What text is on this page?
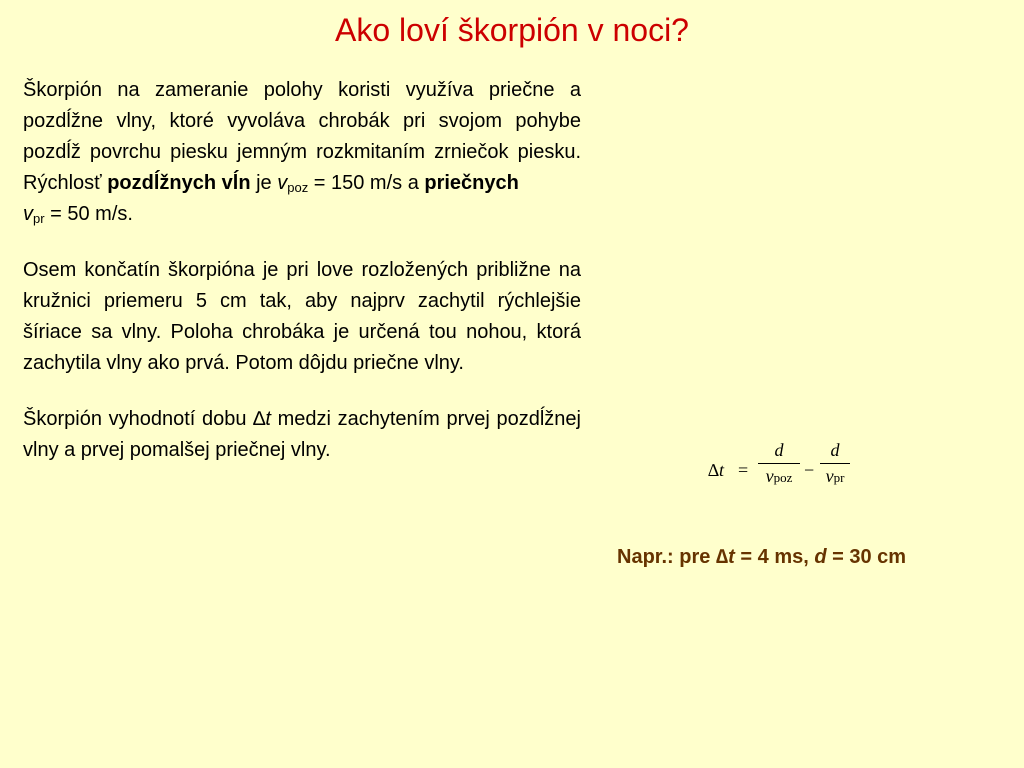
Ako loví škorpión v noci?

Škorpión na zameranie polohy koristi využíva priečne a pozdĺžne vlny, ktoré vyvoláva chrobák pri svojom pohybe pozdĺž povrchu piesku jemným rozkmitaním zrniečok piesku. Rýchlosť pozdĺžnych vĺn je $v_{poz} = 150$ m/s a priečnych
$v_{pr} = 50$ m/s.

Osem končatín škorpióna je pri love rozložených približne na kružnici priemeru 5 cm tak, aby najprv zachytil rýchlejšie šíriace sa vlny. Poloha chrobáka je určená tou nohou, ktorá zachytila vlny ako prvá. Potom dôjdu priečne vlny.

Škorpión vyhodnotí dobu ∆t medzi zachytením prvej pozdĺžnej vlny a prvej pomalšej priečnej vlny.

∆t =
d
vpoz −
d
vpr
Napr.: pre ∆t = 4 ms, d = 30 cm
